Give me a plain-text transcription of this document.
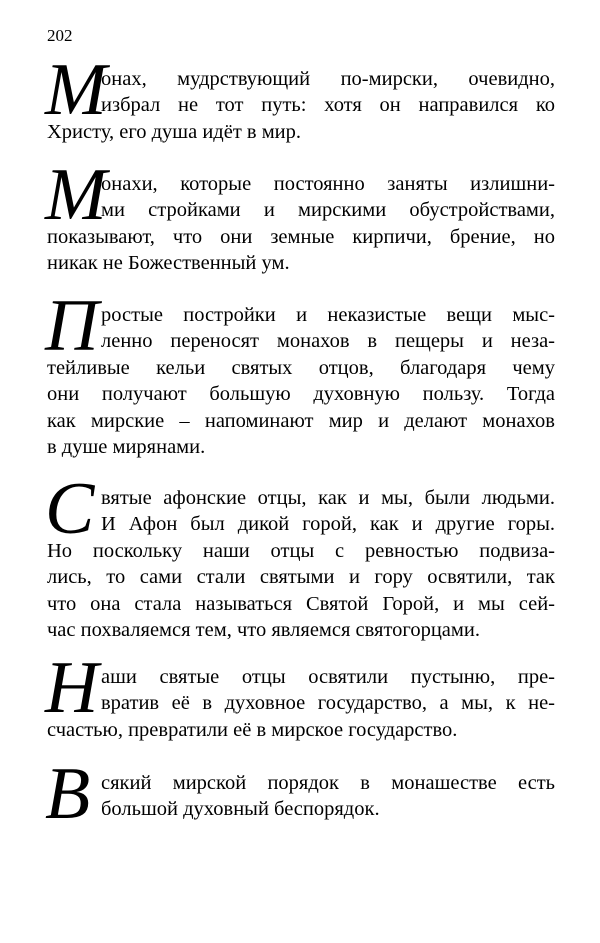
202
М
онах, мудрствующий по-мирски, очевидно,
избрал не тот путь: хотя он направился ко
Христу, его душа идёт в мир.
М
онахи, которые постоянно заняты излишни-
ми стройками и мирскими обустройствами,
показывают, что они земные кирпичи, брение, но
никак не Божественный ум.
П ростые постройки и неказистые вещи мыс-
ленно переносят монахов в пещеры и неза-
тейливые кельи святых отцов, благодаря чему
они получают большую духовную пользу. Тогда
как мирские – напоминают мир и делают монахов
в душе мирянами.
С вятые афонские отцы, как и мы, были людьми.
И Афон был дикой горой, как и другие горы.
Но поскольку наши отцы с ревностью подвиза-
лись, то сами стали святыми и гору освятили, так
что она стала называться Святой Горой, и мы сей-
час похваляемся тем, что являемся святогорцами.
Н аши святые отцы освятили пустыню, пре-
вратив её в духовное государство, а мы, к не-
счастью, превратили её в мирское государство.
В сякий мирской порядок в монашестве есть
большой духовный беспорядок.
